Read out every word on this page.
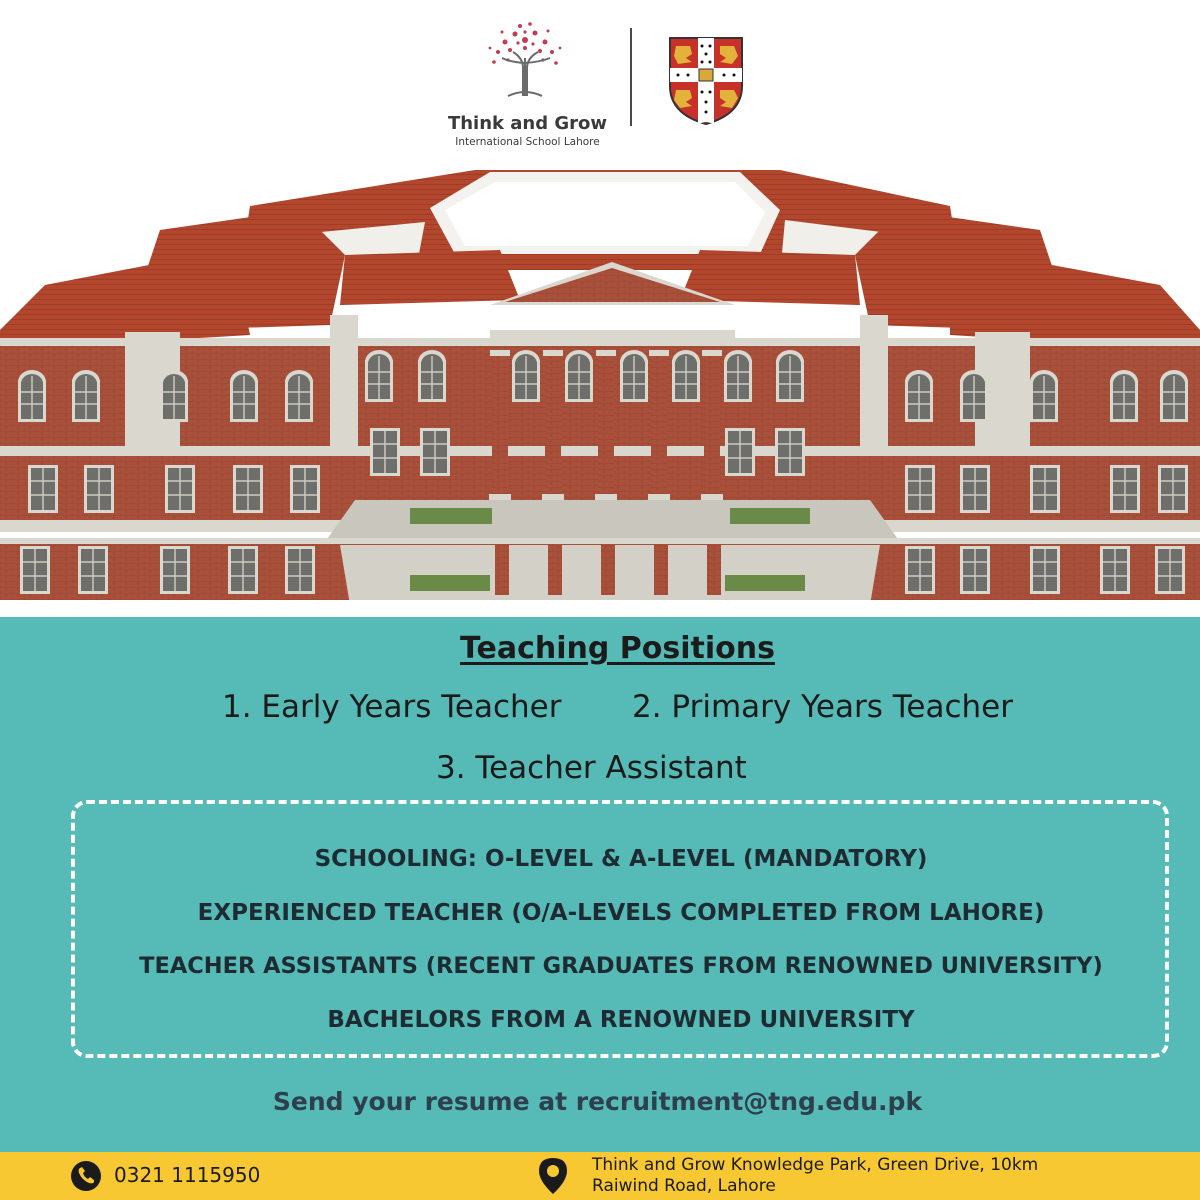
Think and Grow
International School Lahore
Teaching Positions
1. Early Years Teacher 2. Primary Years Teacher
3. Teacher Assistant
SCHOOLING: O-LEVEL & A-LEVEL (MANDATORY)
EXPERIENCED TEACHER (O/A-LEVELS COMPLETED FROM LAHORE)
TEACHER ASSISTANTS (RECENT GRADUATES FROM RENOWNED UNIVERSITY)
BACHELORS FROM A RENOWNED UNIVERSITY
Send your resume at recruitment@tng.edu.pk
0321 1115950	Think and Grow Knowledge Park, Green Drive, 10km
Raiwind Road, Lahore
